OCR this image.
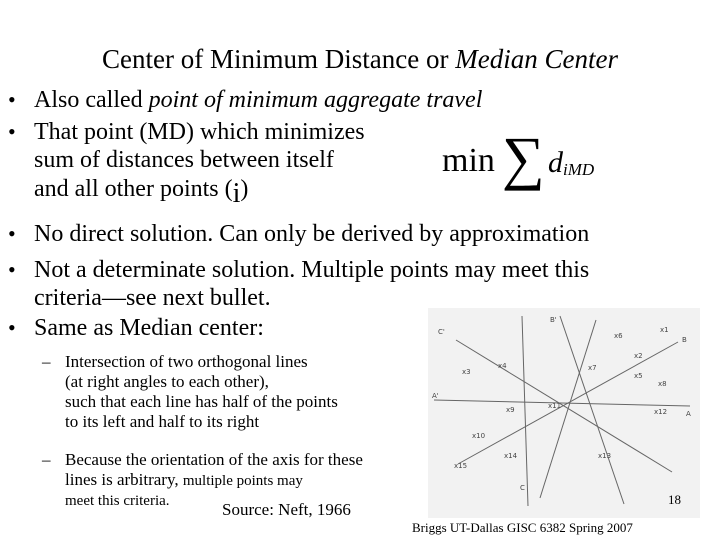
Center of Minimum Distance or Median Center
• Also called point of minimum aggregate travel
• That point (MD) which minimizes
sum of distances between itself
and all other points (i)
min ∑ d iMD
• No direct solution. Can only be derived by approximation
• Not a determinate solution. Multiple points may meet this
criteria—see next bullet.
• Same as Median center:
– Intersection of two orthogonal lines
(at right angles to each other),
such that each line has half of the points
to its left and half to its right
– Because the orientation of the axis for these
lines is arbitrary, multiple points may
meet this criteria.	Source: Neft, 1966
C'
B'
A'
A
B
C
x1
x2
x3
x4
x5
x6
x7
x8
x9
x10
x11
x12
x13
x14
x15
18
Briggs UT-Dallas GISC 6382 Spring 2007
